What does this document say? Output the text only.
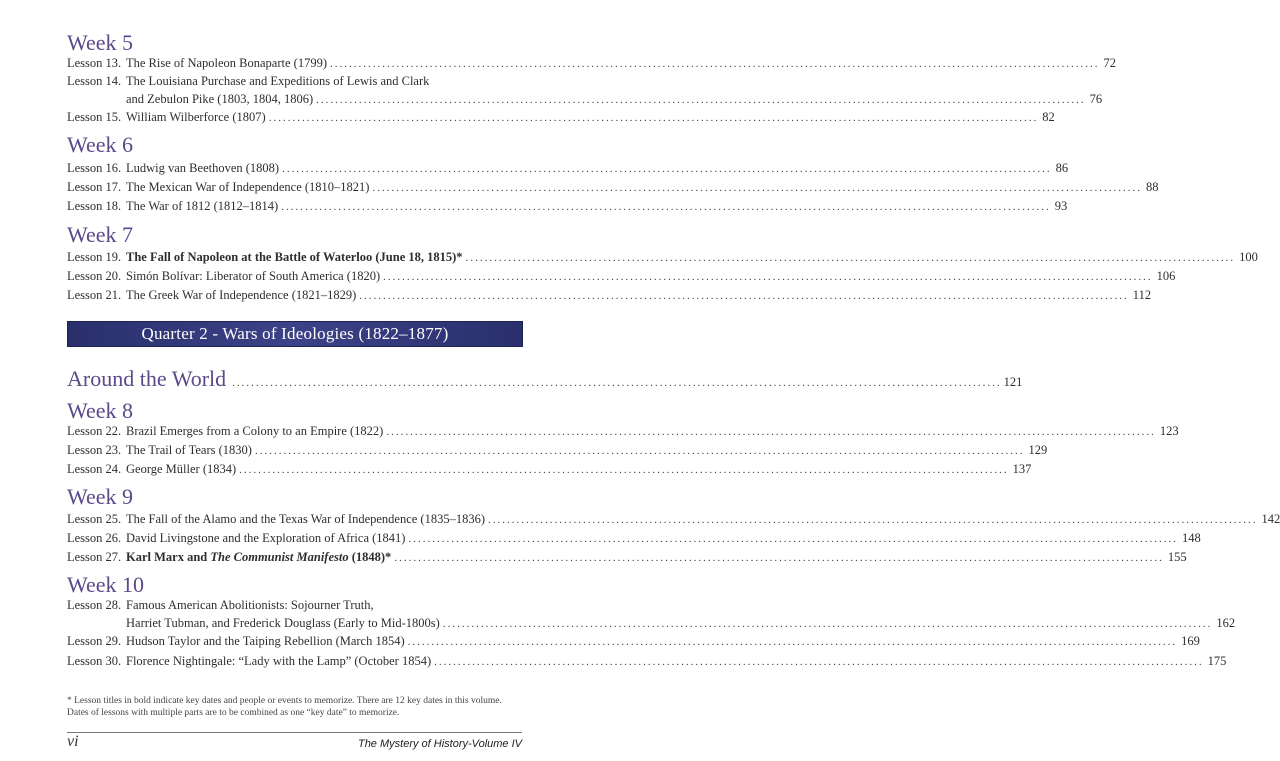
Week 5
Lesson 13. The Rise of Napoleon Bonaparte (1799) .....	72
Lesson 14. The Louisiana Purchase and Expeditions of Lewis and Clark
and Zebulon Pike (1803, 1804, 1806) .....	76
Lesson 15. William Wilberforce (1807) .....	82
Week 6
Lesson 16. Ludwig van Beethoven (1808) .....	86
Lesson 17. The Mexican War of Independence (1810–1821) .....	88
Lesson 18. The War of 1812 (1812–1814) .....	93
Week 7
Lesson 19. The Fall of Napoleon at the Battle of Waterloo (June 18, 1815)* .....	100
Lesson 20. Simón Bolívar: Liberator of South America (1820) .....	106
Lesson 21. The Greek War of Independence (1821–1829) .....	112
Quarter 2 - Wars of Ideologies (1822–1877)
Around the World .....	121
Week 8
Lesson 22. Brazil Emerges from a Colony to an Empire (1822) .....	123
Lesson 23. The Trail of Tears (1830) .....	129
Lesson 24. George Müller (1834) .....	137
Week 9
Lesson 25. The Fall of the Alamo and the Texas War of Independence (1835–1836) .....	142
Lesson 26. David Livingstone and the Exploration of Africa (1841) .....	148
Lesson 27. Karl Marx and The Communist Manifesto (1848)* .....	155
Week 10
Lesson 28. Famous American Abolitionists: Sojourner Truth,
Harriet Tubman, and Frederick Douglass (Early to Mid-1800s) .....	162
Lesson 29. Hudson Taylor and the Taiping Rebellion (March 1854) .....	169
Lesson 30. Florence Nightingale: “Lady with the Lamp” (October 1854) .....	175

* Lesson titles in bold indicate key dates and people or events to memorize. There are 12 key dates in this volume.

Dates of lessons with multiple parts are to be combined as one “key date” to memorize.

vi	The Mystery of History-Volume IV
